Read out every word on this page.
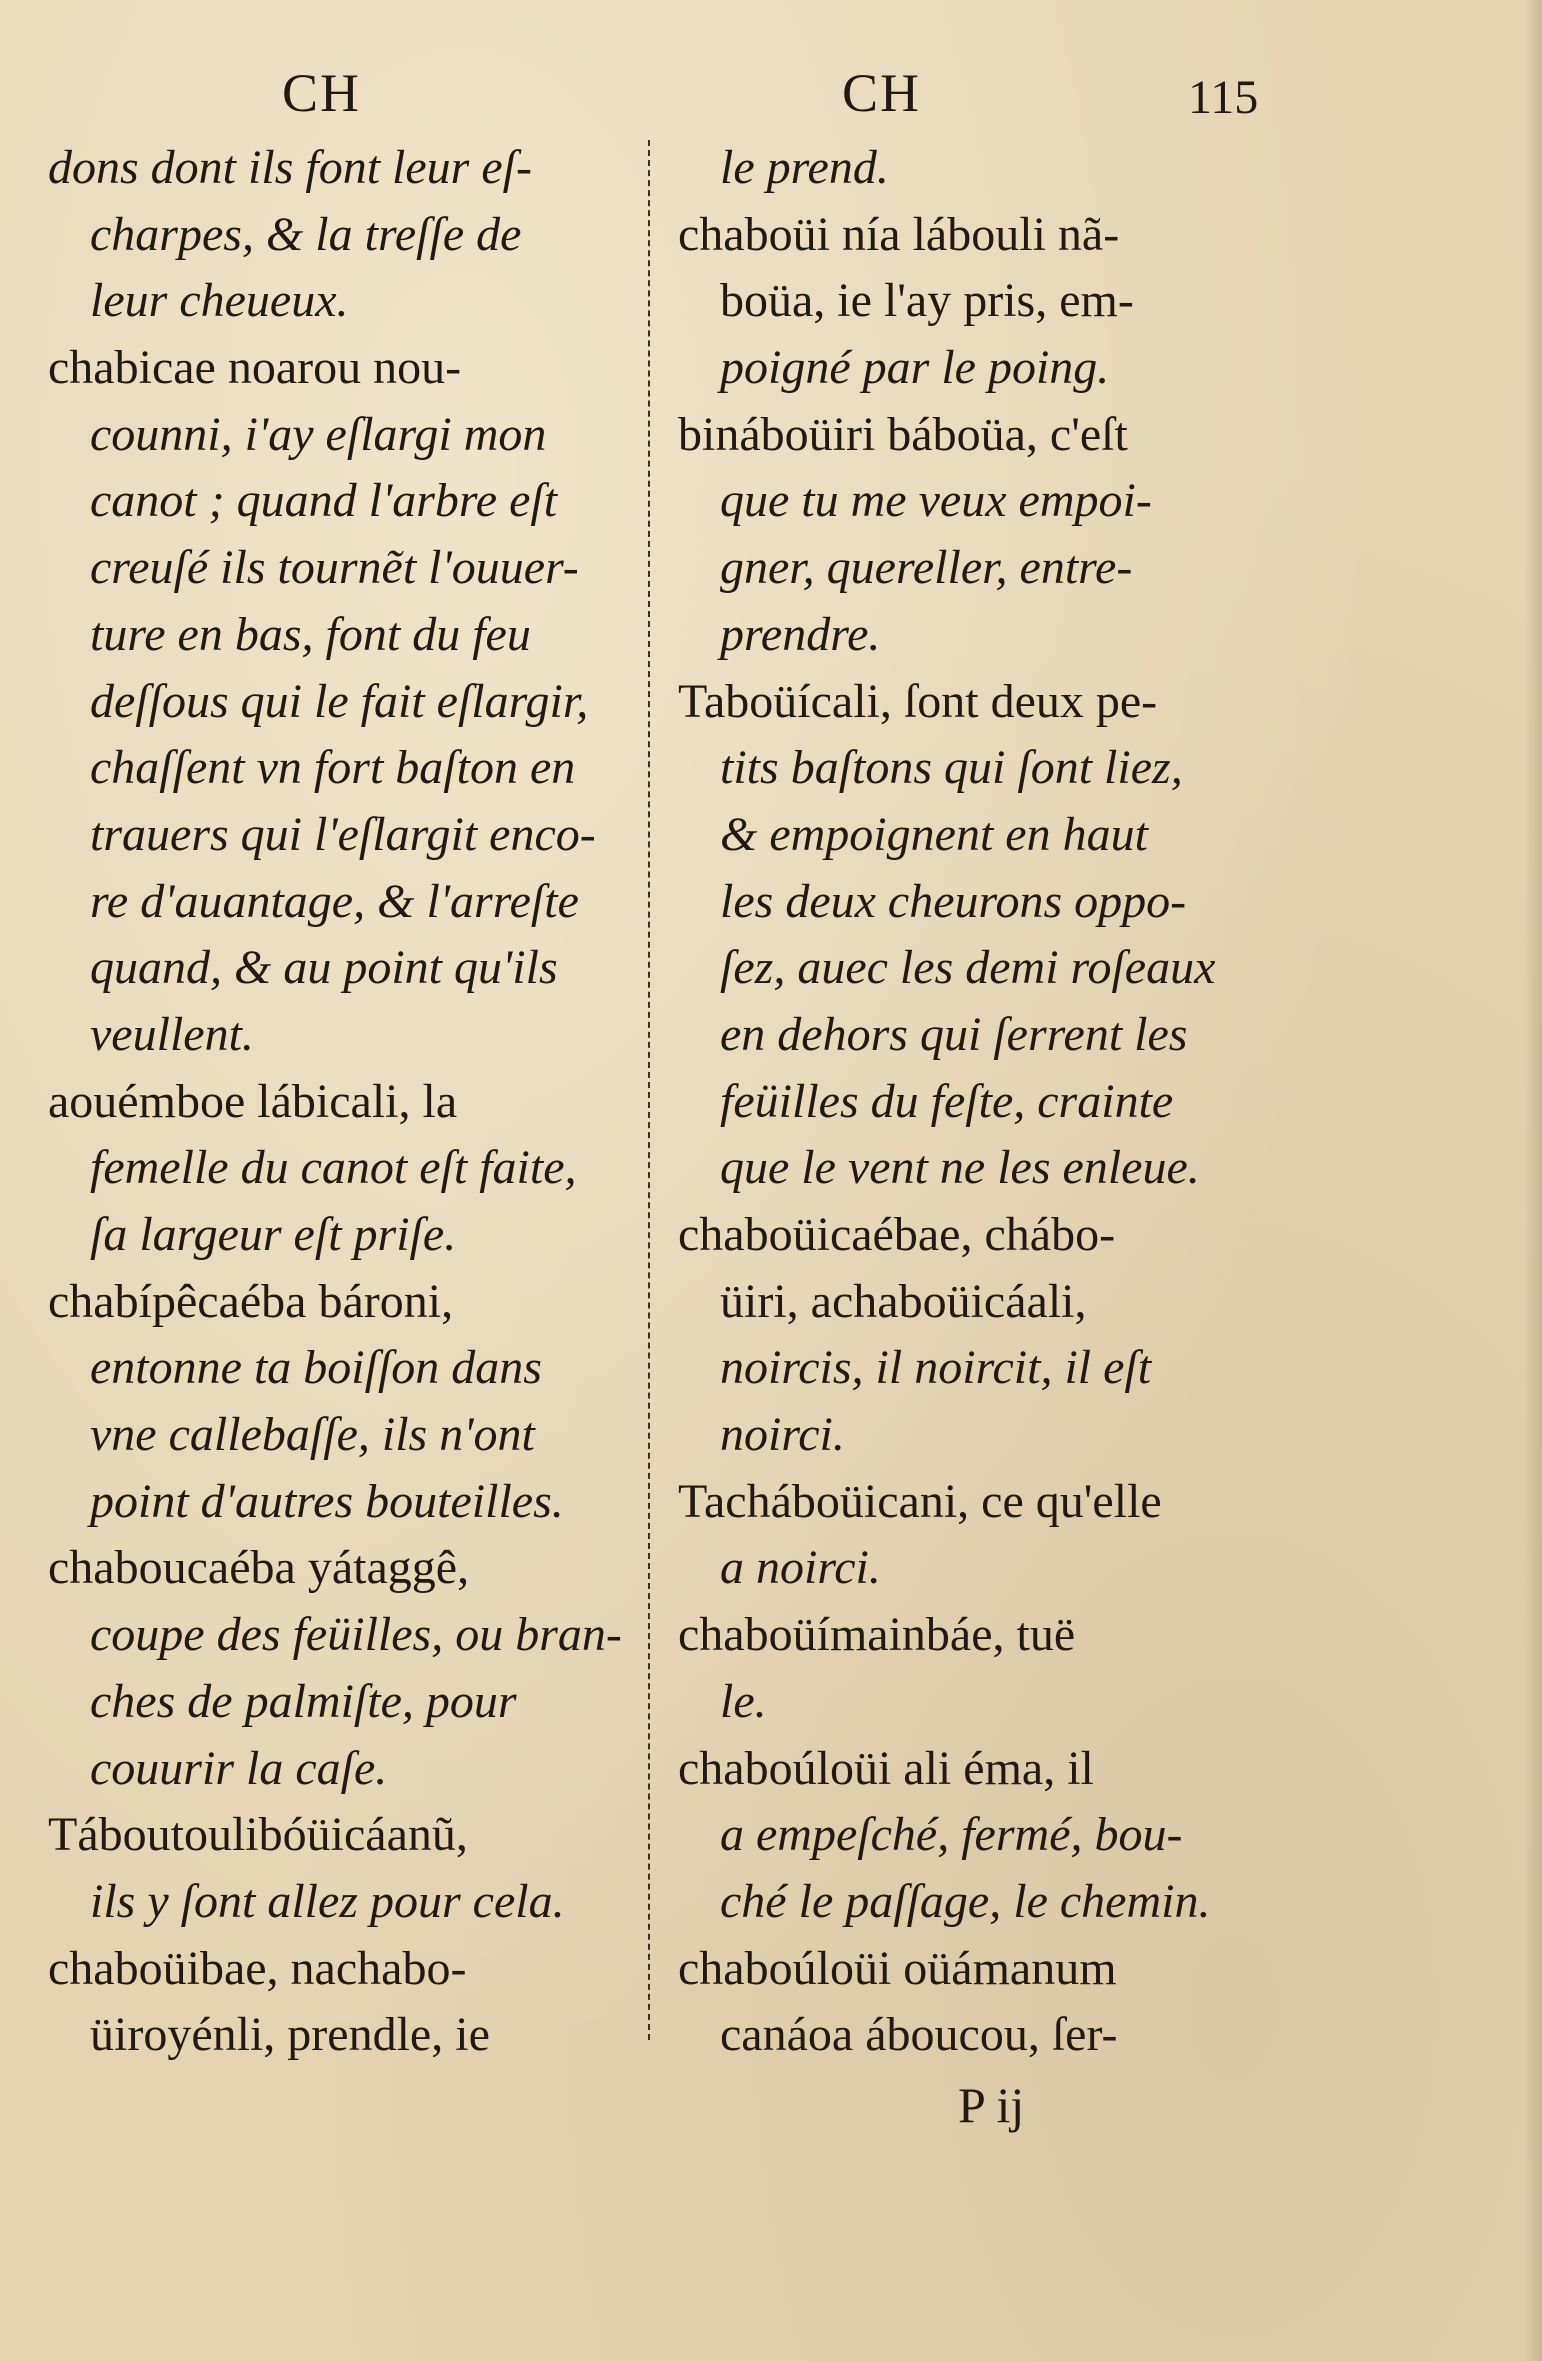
CH	CH	115
dons dont ils font leur eſ-
charpes, & la treſſe de
leur cheueux.
chabicae noarou nou-
counni, i'ay eſlargi mon
canot ; quand l'arbre eſt
creuſé ils tournẽt l'ouuer-
ture en bas, font du feu
deſſous qui le fait eſlargir,
chaſſent vn fort baſton en
trauers qui l'eſlargit enco-
re d'auantage, & l'arreſte
quand, & au point qu'ils
veullent.
aouémboe lábicali, la
femelle du canot eſt faite,
ſa largeur eſt priſe.
chabípêcaéba bároni,
entonne ta boiſſon dans
vne callebaſſe, ils n'ont
point d'autres bouteilles.
chaboucaéba yátaggê,
coupe des feüilles, ou bran-
ches de palmiſte, pour
couurir la caſe.
Táboutoulibóüicáanũ,
ils y ſont allez pour cela.
chaboüibae, nachabo-
üiroyénli, prendle, ie
le prend.
chaboüi nía lábouli nã-
boüa, ie l'ay pris, em-
poigné par le poing.
bináboüiri báboüa, c'eſt
que tu me veux empoi-
gner, quereller, entre-
prendre.
Taboüícali, ſont deux pe-
tits baſtons qui ſont liez,
& empoignent en haut
les deux cheurons oppo-
ſez, auec les demi roſeaux
en dehors qui ſerrent les
feüilles du feſte, crainte
que le vent ne les enleue.
chaboüicaébae, chábo-
üiri, achaboüicáali,
noircis, il noircit, il eſt
noirci.
Tacháboüicani, ce qu'elle
a noirci.
chaboüímainbáe, tuë
le.
chaboúloüi ali éma, il
a empeſché, fermé, bou-
ché le paſſage, le chemin.
chaboúloüi oüámanum
canáoa áboucou, ſer-
P ij
